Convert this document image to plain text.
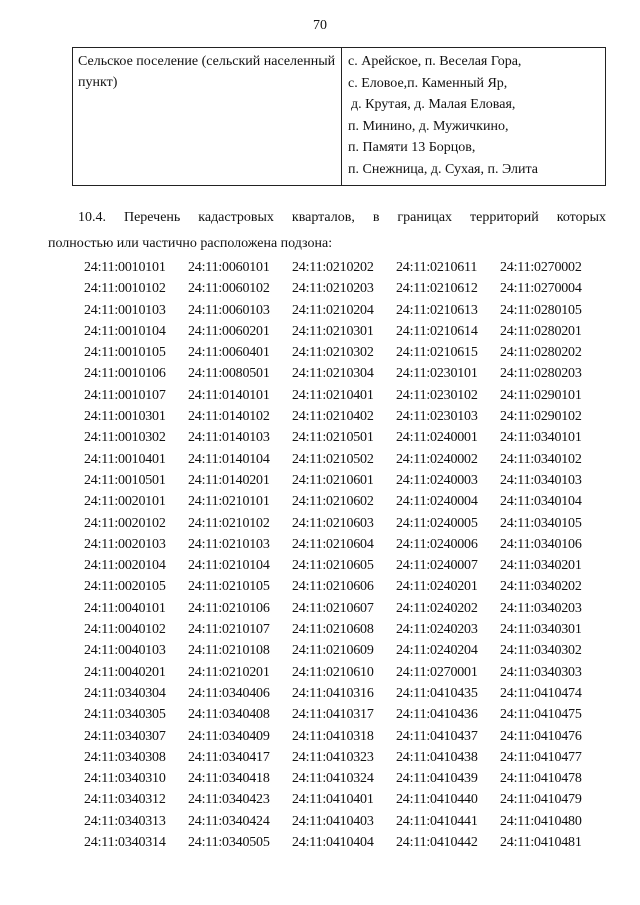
70
Сельское поселение (сельский населенный пункт)	
с. Арейское, п. Веселая Гора,
с. Еловое,п. Каменный Яр,
д. Крутая, д. Малая Еловая,
п. Минино, д. Мужичкино,
п. Памяти 13 Борцов,
п. Снежница, д. Сухая, п. Элита
10.4. Перечень кадастровых кварталов, в границах территорий которых
полностью или частично расположена подзона:
24:11:0010101	24:11:0060101	24:11:0210202	24:11:0210611	24:11:0270002
24:11:0010102	24:11:0060102	24:11:0210203	24:11:0210612	24:11:0270004
24:11:0010103	24:11:0060103	24:11:0210204	24:11:0210613	24:11:0280105
24:11:0010104	24:11:0060201	24:11:0210301	24:11:0210614	24:11:0280201
24:11:0010105	24:11:0060401	24:11:0210302	24:11:0210615	24:11:0280202
24:11:0010106	24:11:0080501	24:11:0210304	24:11:0230101	24:11:0280203
24:11:0010107	24:11:0140101	24:11:0210401	24:11:0230102	24:11:0290101
24:11:0010301	24:11:0140102	24:11:0210402	24:11:0230103	24:11:0290102
24:11:0010302	24:11:0140103	24:11:0210501	24:11:0240001	24:11:0340101
24:11:0010401	24:11:0140104	24:11:0210502	24:11:0240002	24:11:0340102
24:11:0010501	24:11:0140201	24:11:0210601	24:11:0240003	24:11:0340103
24:11:0020101	24:11:0210101	24:11:0210602	24:11:0240004	24:11:0340104
24:11:0020102	24:11:0210102	24:11:0210603	24:11:0240005	24:11:0340105
24:11:0020103	24:11:0210103	24:11:0210604	24:11:0240006	24:11:0340106
24:11:0020104	24:11:0210104	24:11:0210605	24:11:0240007	24:11:0340201
24:11:0020105	24:11:0210105	24:11:0210606	24:11:0240201	24:11:0340202
24:11:0040101	24:11:0210106	24:11:0210607	24:11:0240202	24:11:0340203
24:11:0040102	24:11:0210107	24:11:0210608	24:11:0240203	24:11:0340301
24:11:0040103	24:11:0210108	24:11:0210609	24:11:0240204	24:11:0340302
24:11:0040201	24:11:0210201	24:11:0210610	24:11:0270001	24:11:0340303
24:11:0340304	24:11:0340406	24:11:0410316	24:11:0410435	24:11:0410474
24:11:0340305	24:11:0340408	24:11:0410317	24:11:0410436	24:11:0410475
24:11:0340307	24:11:0340409	24:11:0410318	24:11:0410437	24:11:0410476
24:11:0340308	24:11:0340417	24:11:0410323	24:11:0410438	24:11:0410477
24:11:0340310	24:11:0340418	24:11:0410324	24:11:0410439	24:11:0410478
24:11:0340312	24:11:0340423	24:11:0410401	24:11:0410440	24:11:0410479
24:11:0340313	24:11:0340424	24:11:0410403	24:11:0410441	24:11:0410480
24:11:0340314	24:11:0340505	24:11:0410404	24:11:0410442	24:11:0410481
